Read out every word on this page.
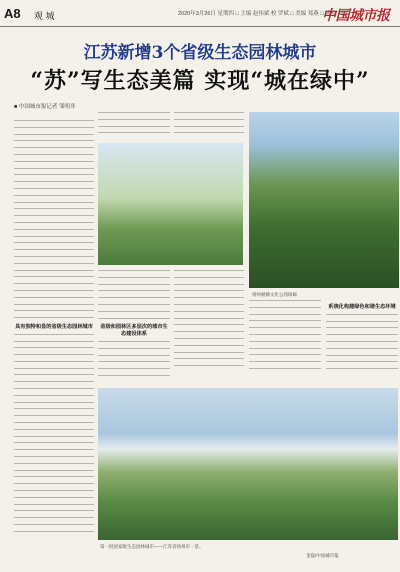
A8 观 城	2020年3月26日 星期四 □ 主编 赵伟斌 校 罗斌 □ 美编 郑燕 □ 质检 刘军
中国城市报
江苏新增3个省级生态园林城市
“苏”写生态美篇 实现“城在绿中”
■ 中国城市报记者 邹明非
具有独特和显的省级生态园林城市
扬州赫赫文化公园绿廊
省级和园林区多层次的城市生态建设体系
系统化构建绿色和谐生态环境
第一批国家级生态园林城市——江苏省扬州市一景。
金磊/中国城市报
